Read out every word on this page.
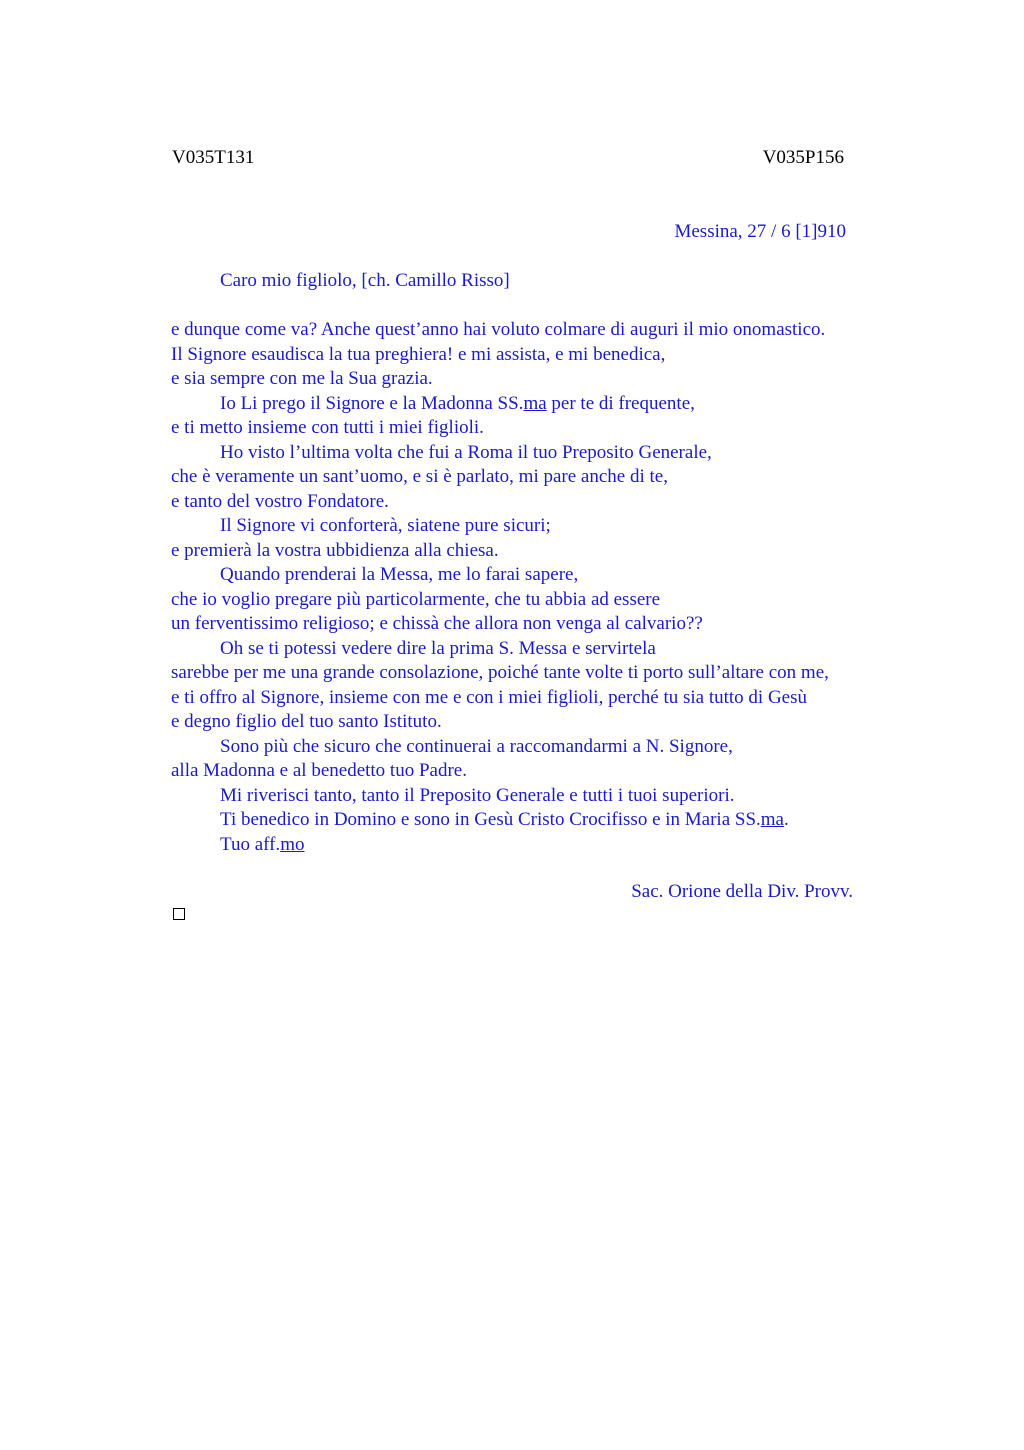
V035T131	V035P156
Messina, 27 / 6 [1]910
Caro mio figliolo, [ch. Camillo Risso]
e dunque come va? Anche quest’anno hai voluto colmare di auguri il mio onomastico.
Il Signore esaudisca la tua preghiera! e mi assista, e mi benedica,
e sia sempre con me la Sua grazia.
Io Li prego il Signore e la Madonna SS.ma per te di frequente,
e ti metto insieme con tutti i miei figlioli.
Ho visto l’ultima volta che fui a Roma il tuo Preposito Generale,
che è veramente un sant’uomo, e si è parlato, mi pare anche di te,
e tanto del vostro Fondatore.
Il Signore vi conforterà, siatene pure sicuri;
e premierà la vostra ubbidienza alla chiesa.
Quando prenderai la Messa, me lo farai sapere,
che io voglio pregare più particolarmente, che tu abbia ad essere
un ferventissimo religioso; e chissà che allora non venga al calvario??
Oh se ti potessi vedere dire la prima S. Messa e servirtela
sarebbe per me una grande consolazione, poiché tante volte ti porto sull’altare con me,
e ti offro al Signore, insieme con me e con i miei figlioli, perché tu sia tutto di Gesù
e degno figlio del tuo santo Istituto.
Sono più che sicuro che continuerai a raccomandarmi a N. Signore,
alla Madonna e al benedetto tuo Padre.
Mi riverisci tanto, tanto il Preposito Generale e tutti i tuoi superiori.
Ti benedico in Domino e sono in Gesù Cristo Crocifisso e in Maria SS.ma.
Tuo aff.mo
Sac. Orione della Div. Provv.
